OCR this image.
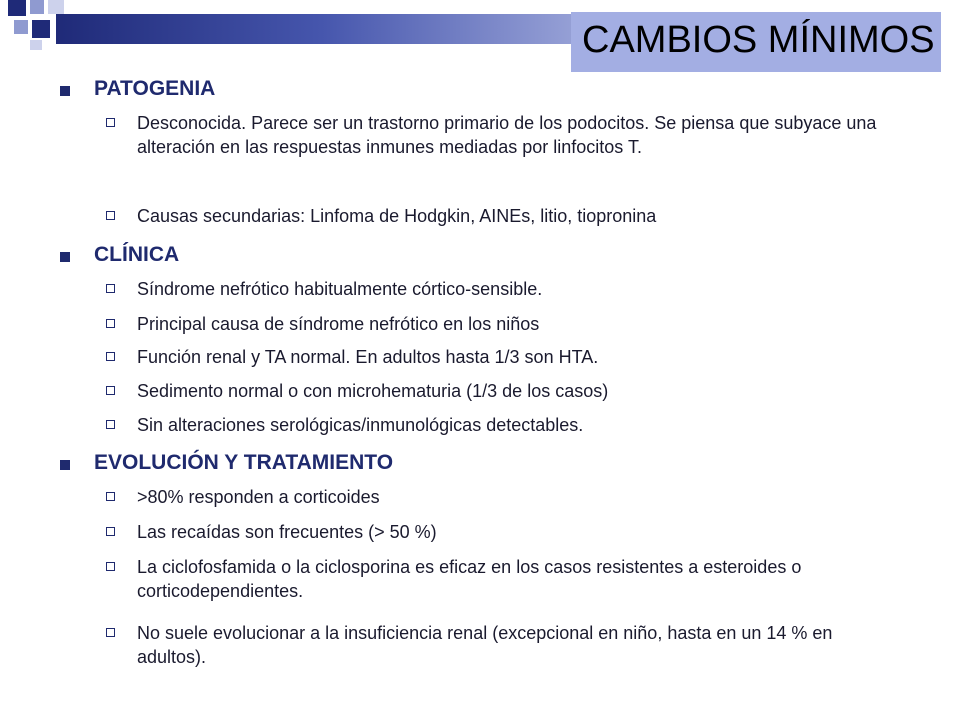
CAMBIOS MÍNIMOS
PATOGENIA
Desconocida. Parece ser un trastorno primario de los podocitos. Se piensa que subyace una alteración en las respuestas inmunes mediadas por linfocitos T.
Causas secundarias: Linfoma de Hodgkin, AINEs, litio, tiopronina
CLÍNICA
Síndrome nefrótico habitualmente córtico-sensible.
Principal causa de síndrome nefrótico en los niños
Función renal y TA normal. En adultos hasta 1/3 son HTA.
Sedimento normal o con microhematuria (1/3 de los casos)
Sin alteraciones serológicas/inmunológicas detectables.
EVOLUCIÓN Y TRATAMIENTO
>80% responden a corticoides
Las recaídas son frecuentes (> 50 %)
La ciclofosfamida o la ciclosporina es eficaz en los casos resistentes a esteroides o corticodependientes.
No suele evolucionar a la insuficiencia renal (excepcional en niño, hasta en un 14 % en adultos).
